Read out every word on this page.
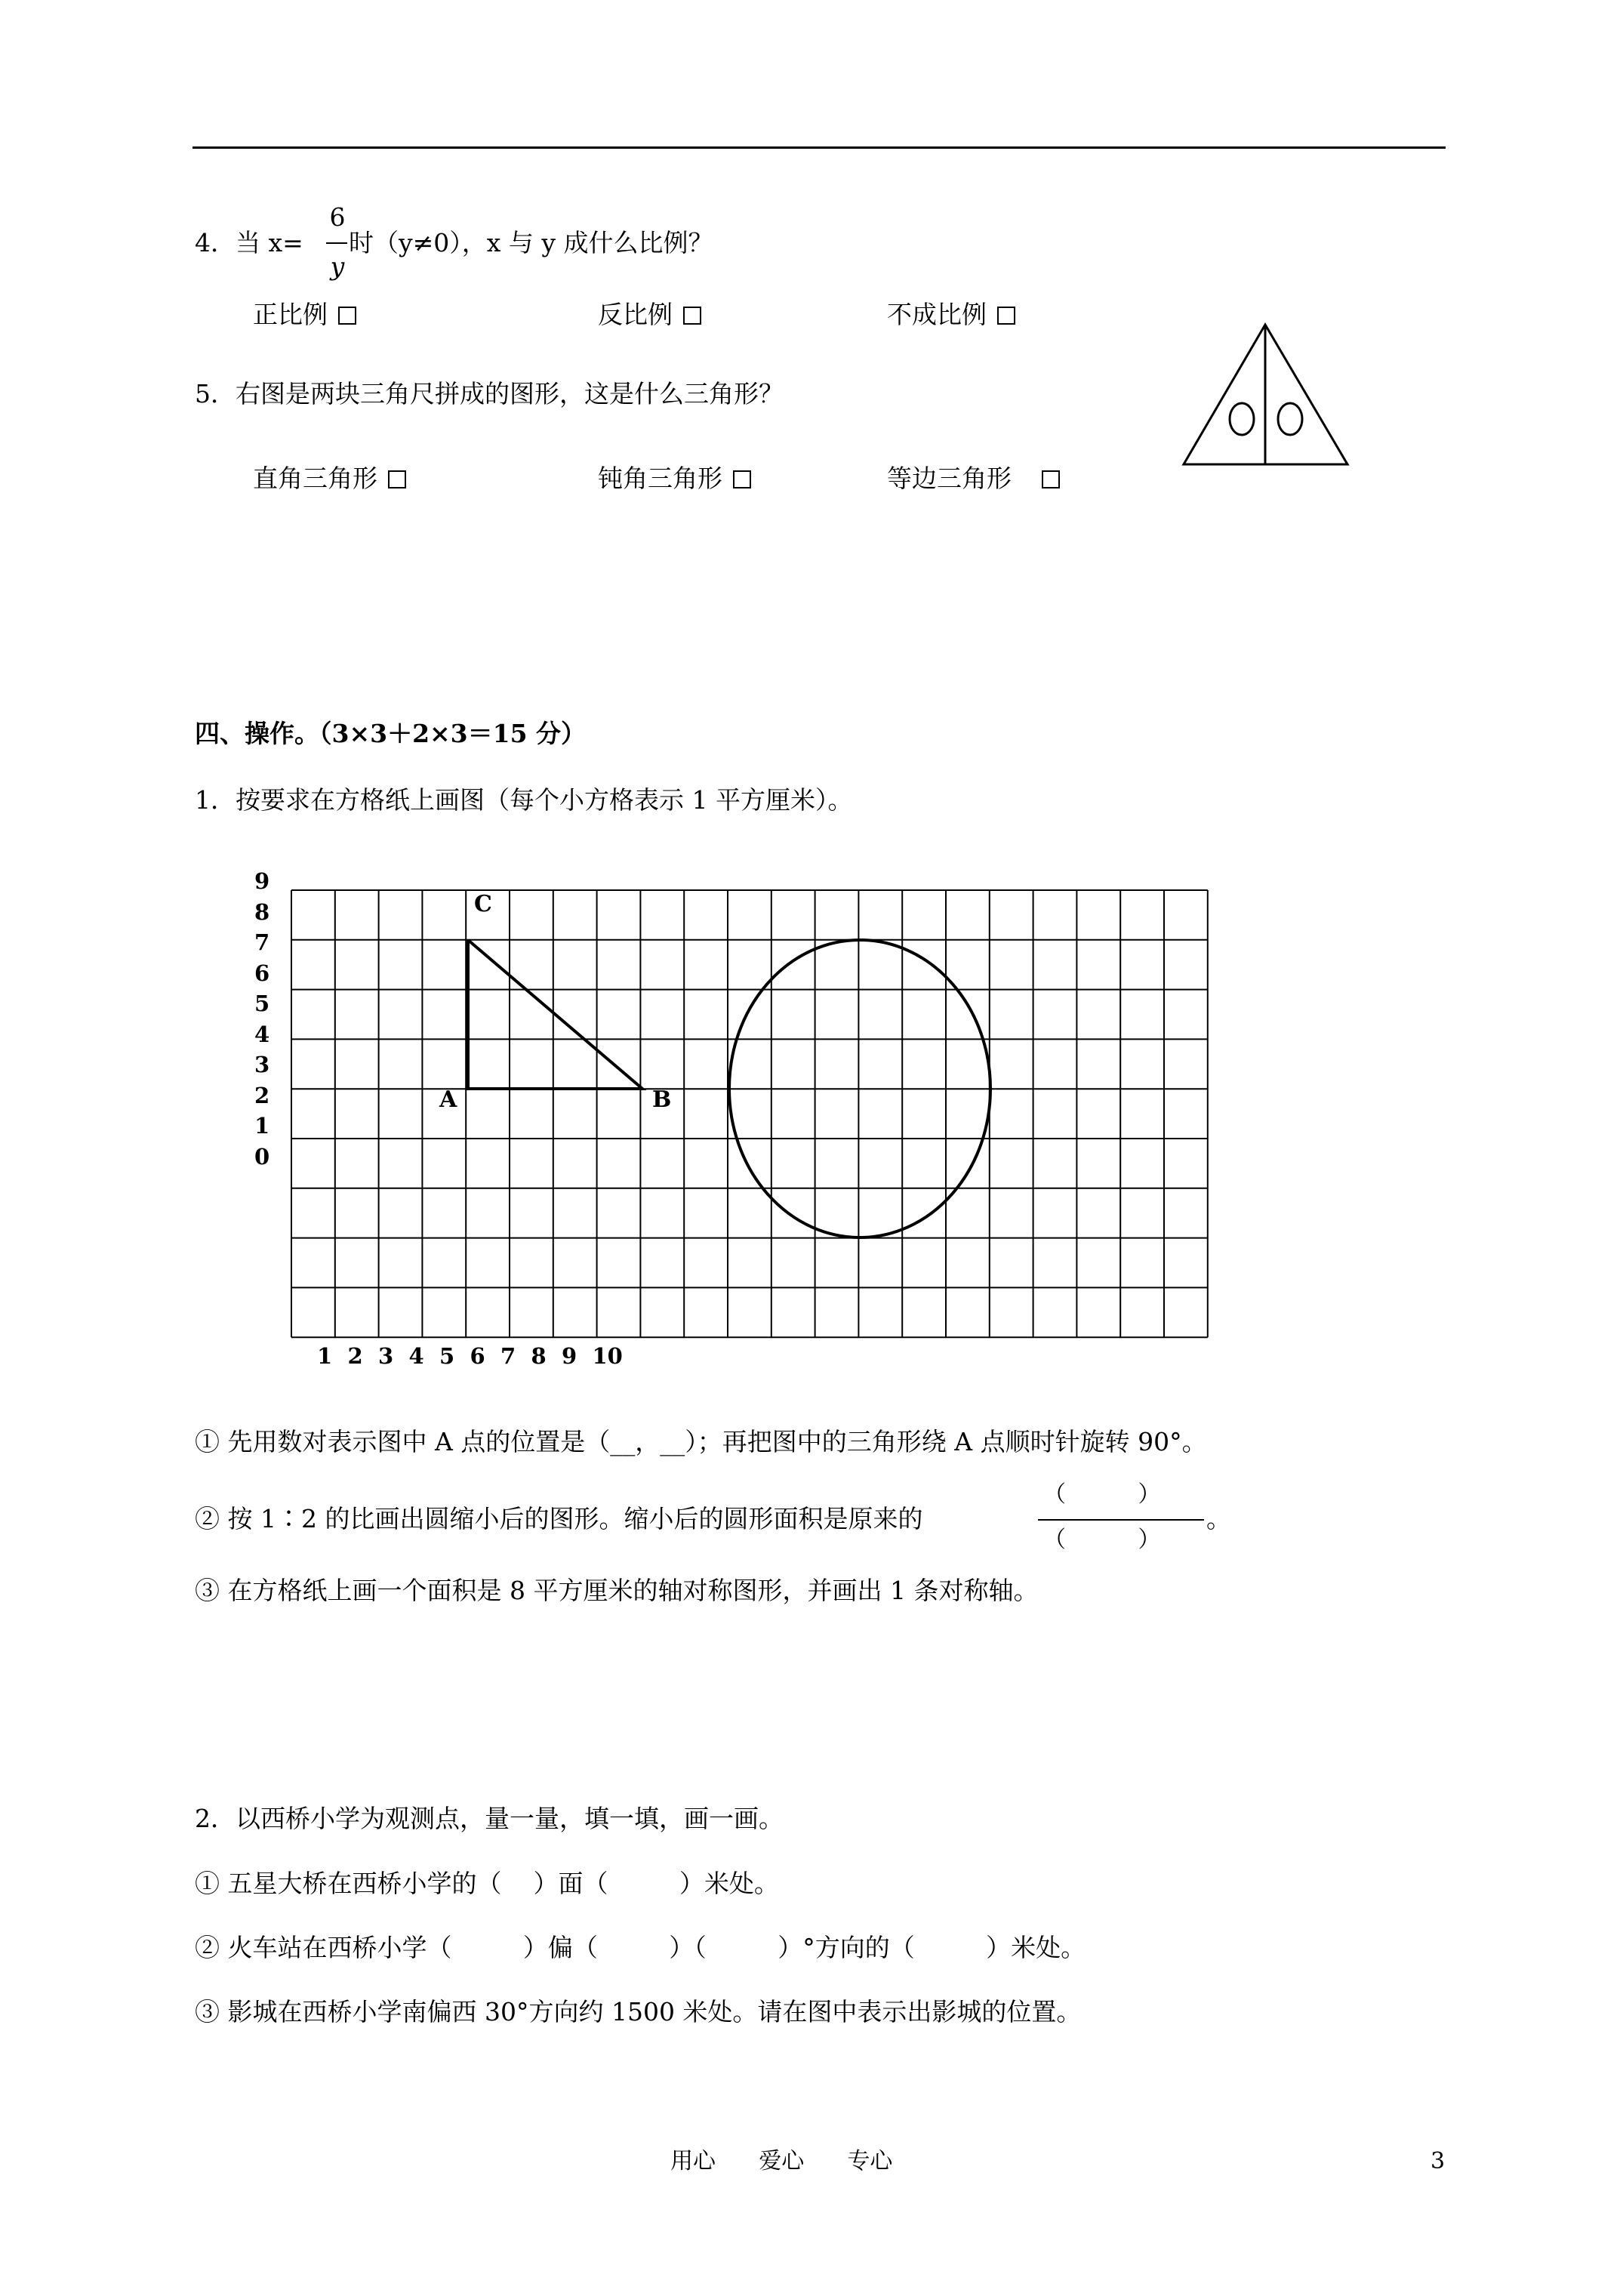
4．当 x=
6
y
时（y≠0），x 与 y 成什么比例？
正比例	反比例	不成比例
5．右图是两块三角尺拼成的图形，这是什么三角形？
直角三角形	钝角三角形	等边三角形
四、操作。（3×3＋2×3＝15 分）
1．按要求在方格纸上画图（每个小方格表示 1 平方厘米）。
9
8
7
6
5
4
3
2
1
0
1 2 3 4 5 6 7 8 9 10
C
A	B
① 先用数对表示图中 A 点的位置是（__，__）；再把图中的三角形绕 A 点顺时针旋转 90°。
② 按 1∶2 的比画出圆缩小后的图形。缩小后的圆形面积是原来的
（          ）
（          ）
。
③ 在方格纸上画一个面积是 8 平方厘米的轴对称图形，并画出 1 条对称轴。
2．以西桥小学为观测点，量一量，填一填，画一画。
① 五星大桥在西桥小学的（    ）面（         ）米处。
② 火车站在西桥小学（         ）偏（         ）（         ）°方向的（         ）米处。
③ 影城在西桥小学南偏西 30°方向约 1500 米处。请在图中表示出影城的位置。
用心      爱心      专心	3
